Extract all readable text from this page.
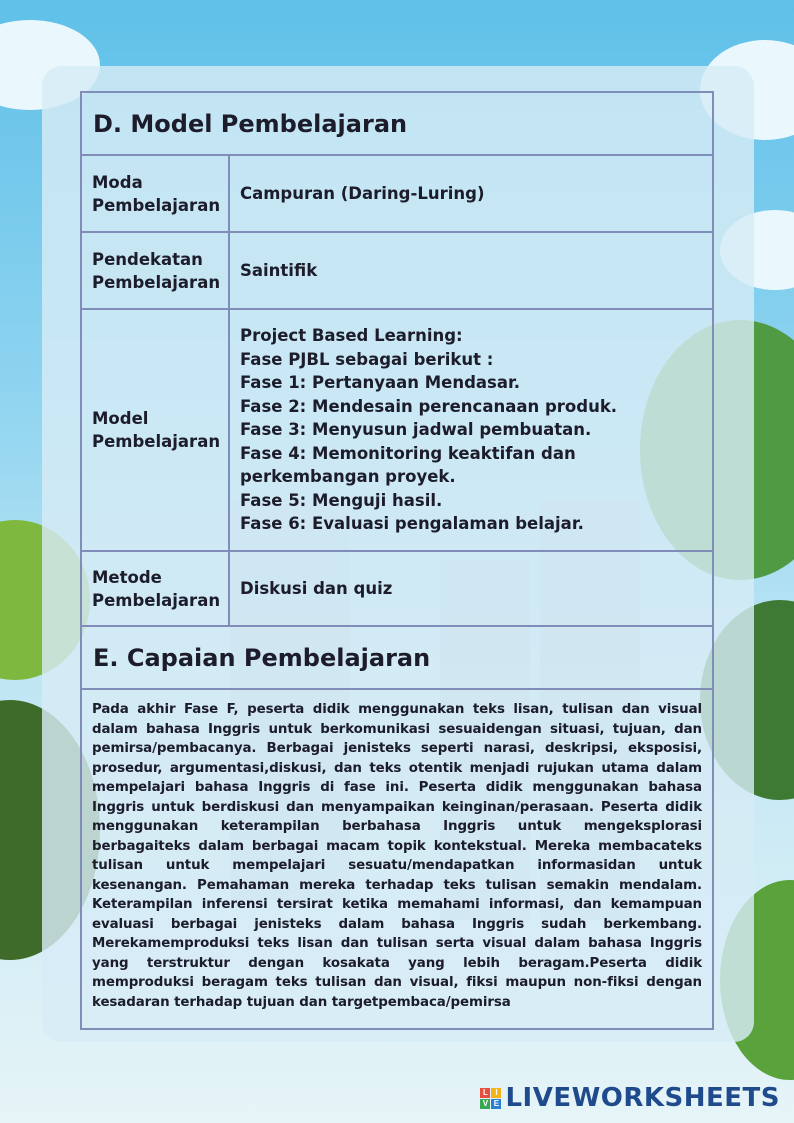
D. Model Pembelajaran
Moda Pembelajaran
Campuran (Daring-Luring)
Pendekatan Pembelajaran
Saintifik
Model Pembelajaran
Project Based Learning:
Fase PJBL sebagai berikut :
Fase 1: Pertanyaan Mendasar.
Fase 2: Mendesain perencanaan produk.
Fase 3: Menyusun jadwal pembuatan.
Fase 4: Memonitoring keaktifan dan perkembangan proyek.
Fase 5: Menguji hasil.
Fase 6: Evaluasi pengalaman belajar.
Metode Pembelajaran
Diskusi dan quiz
E. Capaian Pembelajaran
Pada akhir Fase F, peserta didik menggunakan teks lisan, tulisan dan visual dalam bahasa Inggris untuk berkomunikasi sesuaidengan situasi, tujuan, dan pemirsa/pembacanya. Berbagai jenisteks seperti narasi, deskripsi, eksposisi, prosedur, argumentasi,diskusi, dan teks otentik menjadi rujukan utama dalam mempelajari bahasa Inggris di fase ini. Peserta didik menggunakan bahasa Inggris untuk berdiskusi dan menyampaikan keinginan/perasaan. Peserta didik menggunakan keterampilan berbahasa Inggris untuk mengeksplorasi berbagaiteks dalam berbagai macam topik kontekstual. Mereka membacateks tulisan untuk mempelajari sesuatu/mendapatkan informasidan untuk kesenangan. Pemahaman mereka terhadap teks tulisan semakin mendalam. Keterampilan inferensi tersirat ketika memahami informasi, dan kemampuan evaluasi berbagai jenisteks dalam bahasa Inggris sudah berkembang. Merekamemproduksi teks lisan dan tulisan serta visual dalam bahasa Inggris yang terstruktur dengan kosakata yang lebih beragam.Peserta didik memproduksi beragam teks tulisan dan visual, fiksi maupun non-fiksi dengan kesadaran terhadap tujuan dan targetpembaca/pemirsa
L I
V E LIVEWORKSHEETS
